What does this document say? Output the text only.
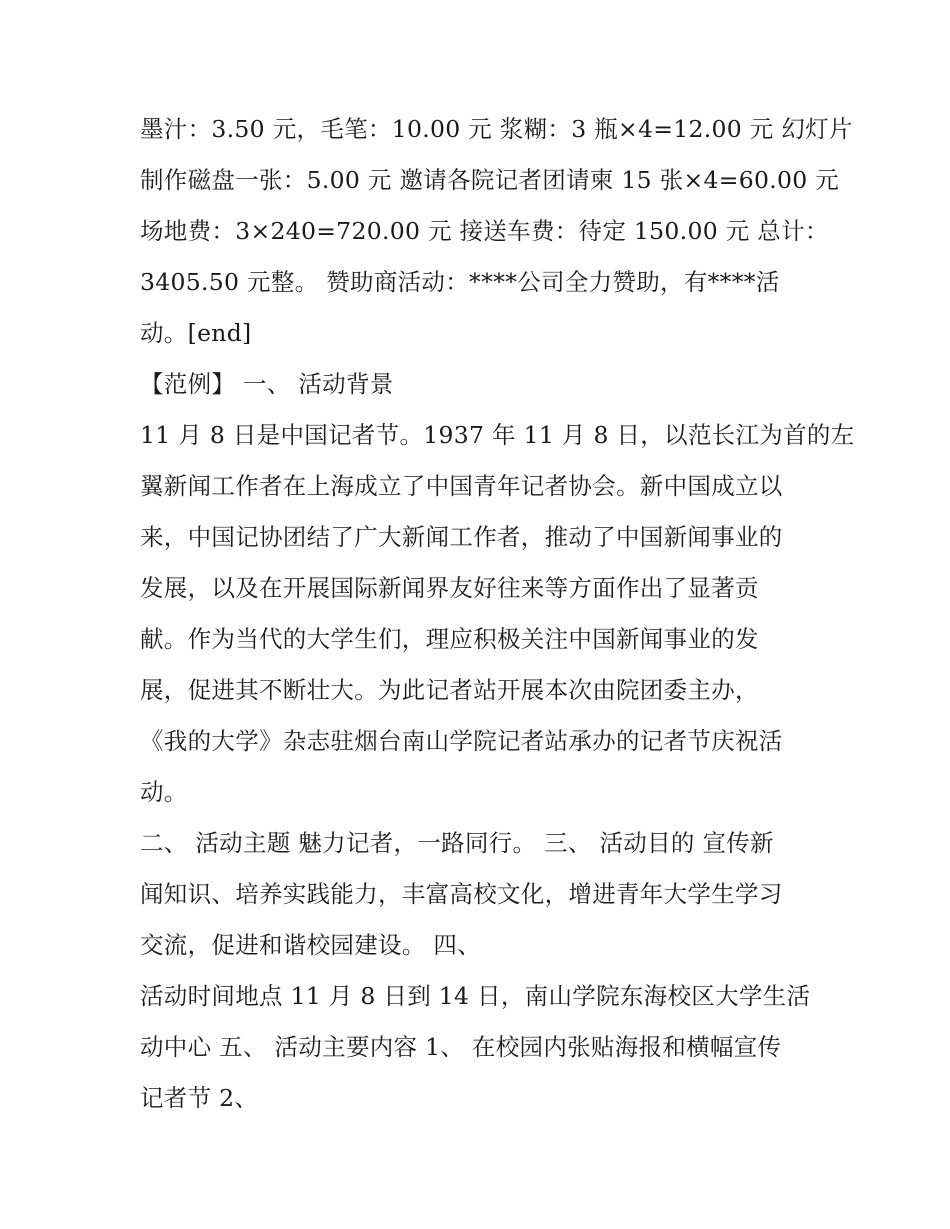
墨汁：3.50 元，毛笔：10.00 元 浆糊：3 瓶×4=12.00 元 幻灯片
制作磁盘一张：5.00 元 邀请各院记者团请柬 15 张×4=60.00 元
场地费：3×240=720.00 元 接送车费：待定 150.00 元 总计：
3405.50 元整。 赞助商活动：****公司全力赞助，有****活
动。[end]
【范例】 一、 活动背景
11 月 8 日是中国记者节。1937 年 11 月 8 日，以范长江为首的左
翼新闻工作者在上海成立了中国青年记者协会。新中国成立以
来，中国记协团结了广大新闻工作者，推动了中国新闻事业的
发展，以及在开展国际新闻界友好往来等方面作出了显著贡
献。作为当代的大学生们，理应积极关注中国新闻事业的发
展，促进其不断壮大。为此记者站开展本次由院团委主办，
《我的大学》杂志驻烟台南山学院记者站承办的记者节庆祝活
动。
二、 活动主题 魅力记者，一路同行。 三、 活动目的 宣传新
闻知识、培养实践能力，丰富高校文化，增进青年大学生学习
交流，促进和谐校园建设。 四、
活动时间地点 11 月 8 日到 14 日，南山学院东海校区大学生活
动中心 五、 活动主要内容 1、 在校园内张贴海报和横幅宣传
记者节 2、
